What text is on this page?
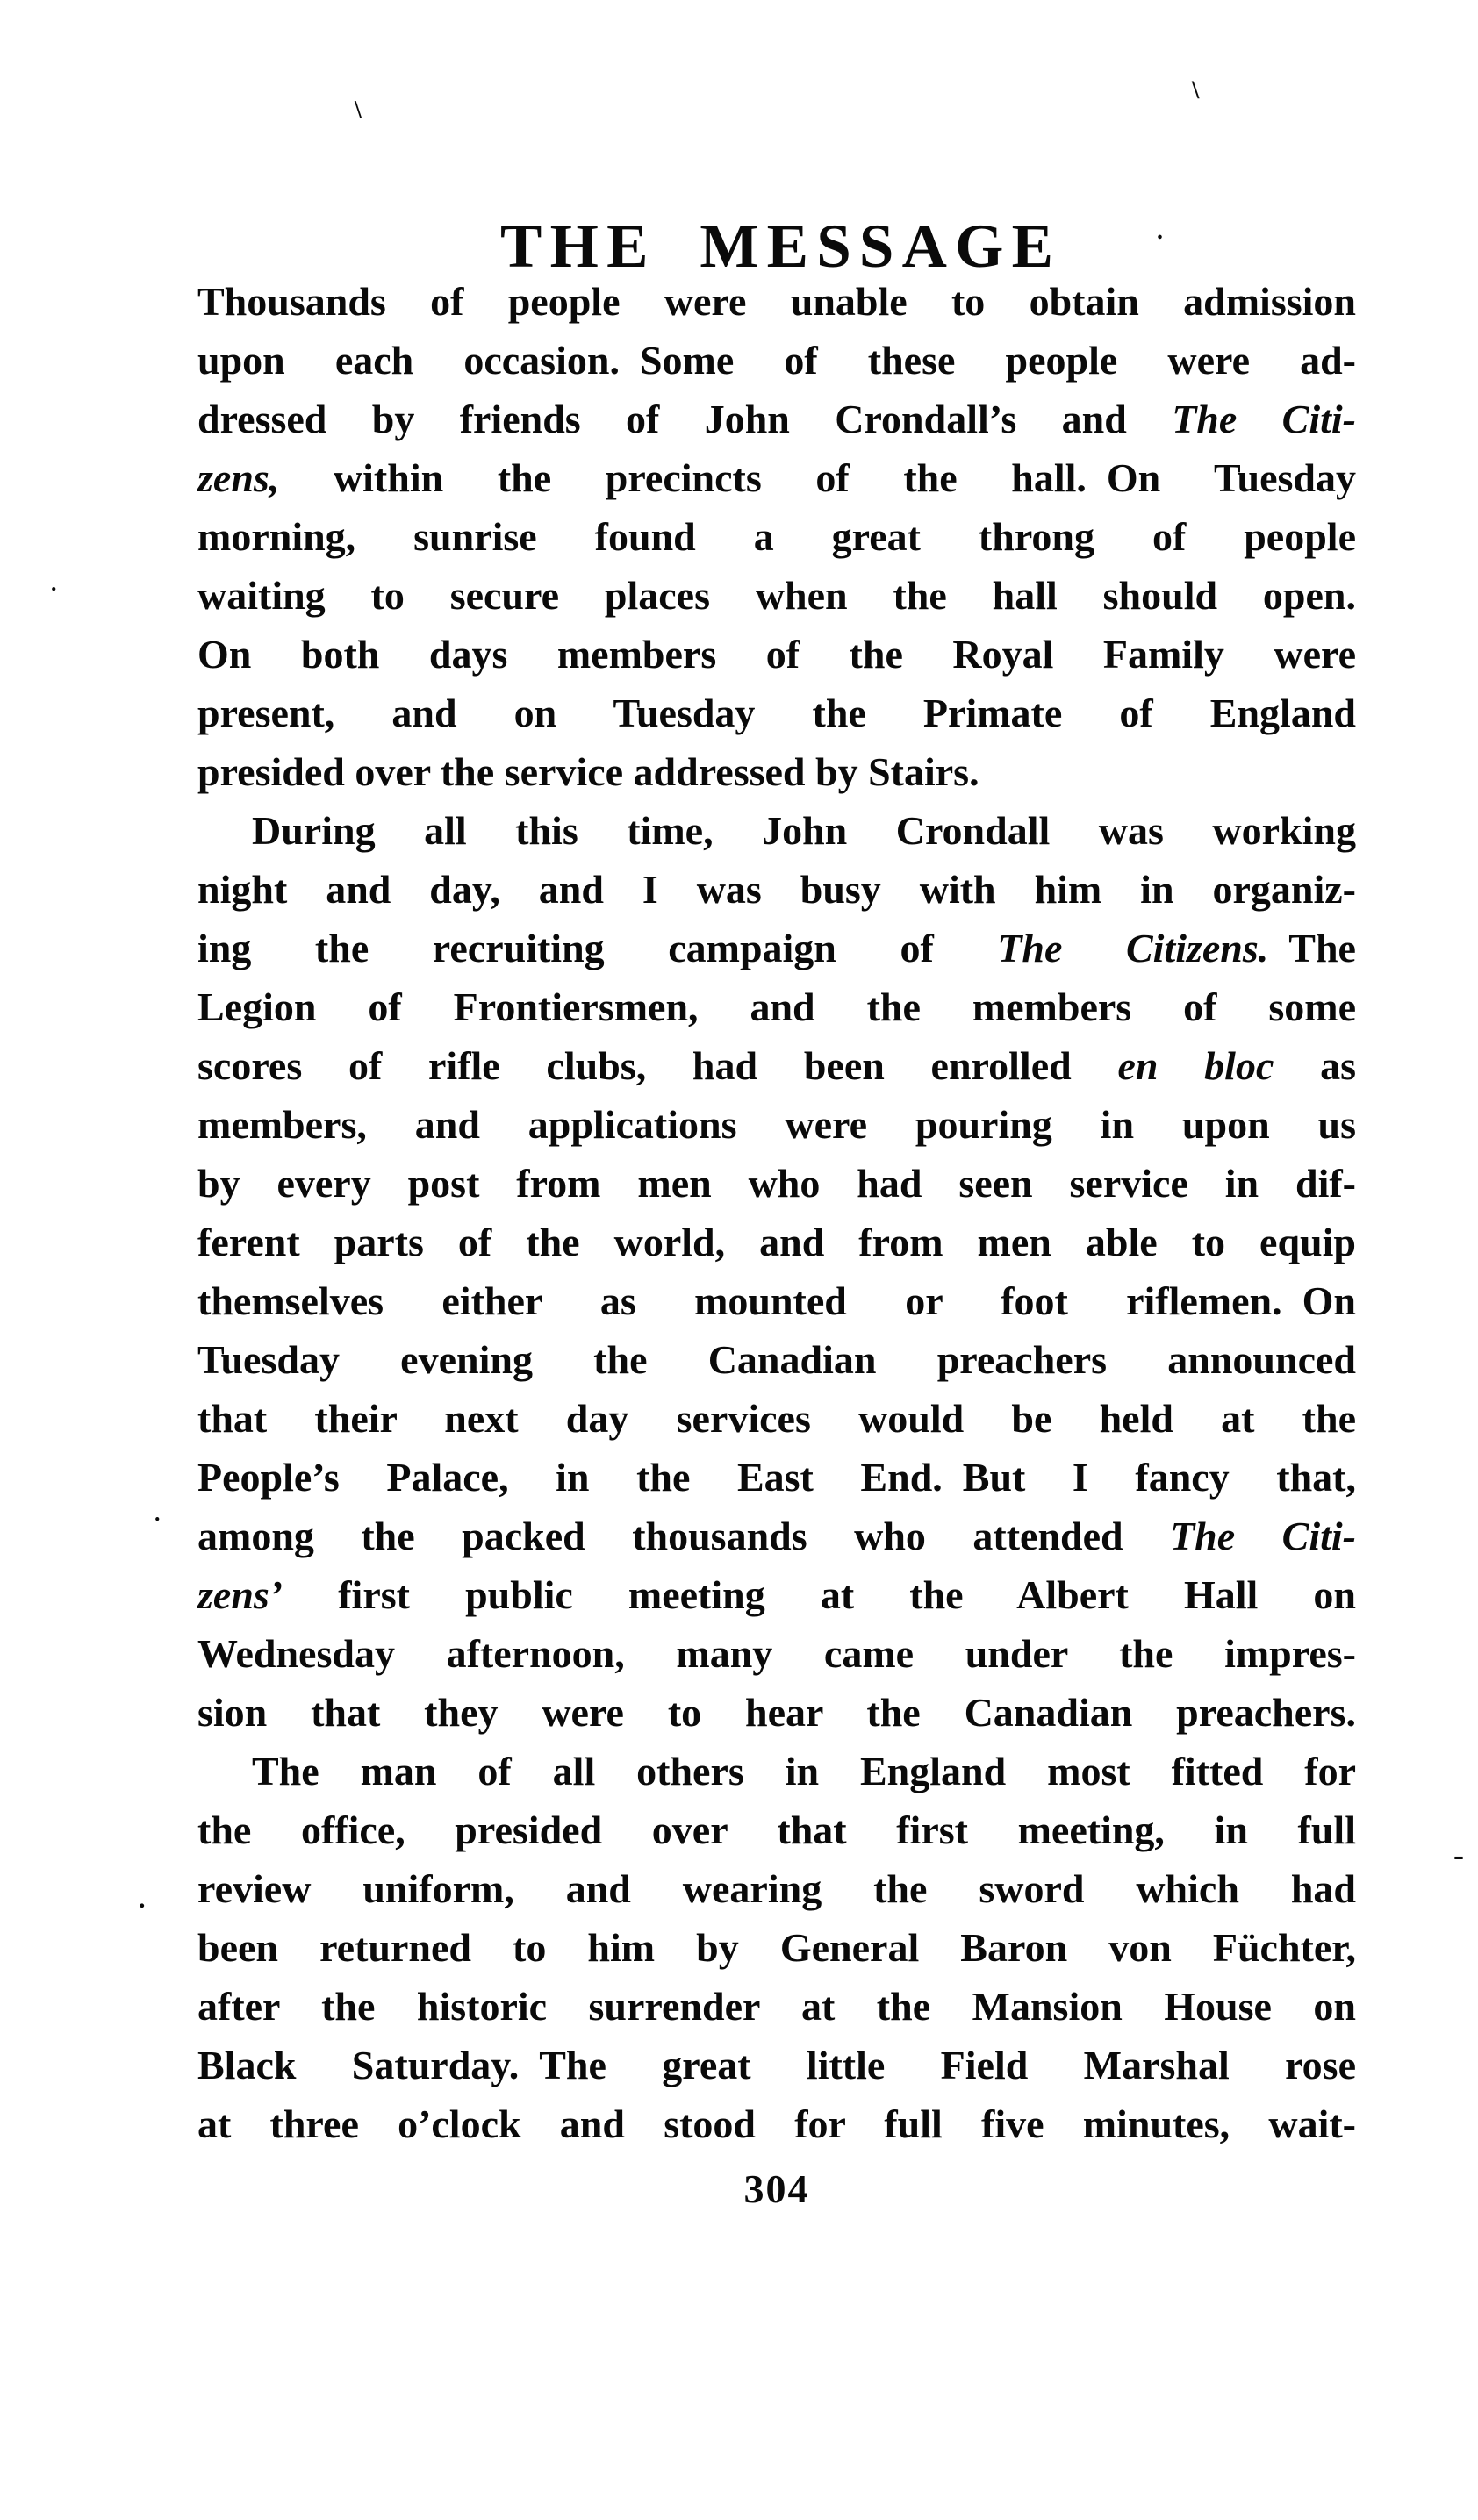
THE MESSAGE
Thousands of people were unable to obtain admission
upon each occasion. Some of these people were ad-
dressed by friends of John Crondall’s and The Citi-
zens, within the precincts of the hall. On Tuesday
morning, sunrise found a great throng of people
waiting to secure places when the hall should open.
On both days members of the Royal Family were
present, and on Tuesday the Primate of England
presided over the service addressed by Stairs.
During all this time, John Crondall was working
night and day, and I was busy with him in organiz-
ing the recruiting campaign of The Citizens. The
Legion of Frontiersmen, and the members of some
scores of rifle clubs, had been enrolled en bloc as
members, and applications were pouring in upon us
by every post from men who had seen service in dif-
ferent parts of the world, and from men able to equip
themselves either as mounted or foot riflemen. On
Tuesday evening the Canadian preachers announced
that their next day services would be held at the
People’s Palace, in the East End. But I fancy that,
among the packed thousands who attended The Citi-
zens’ first public meeting at the Albert Hall on
Wednesday afternoon, many came under the impres-
sion that they were to hear the Canadian preachers.
The man of all others in England most fitted for
the office, presided over that first meeting, in full
review uniform, and wearing the sword which had
been returned to him by General Baron von Füchter,
after the historic surrender at the Mansion House on
Black Saturday. The great little Field Marshal rose
at three o’clock and stood for full five minutes, wait-
304
\
\
.
.
.
.
-
